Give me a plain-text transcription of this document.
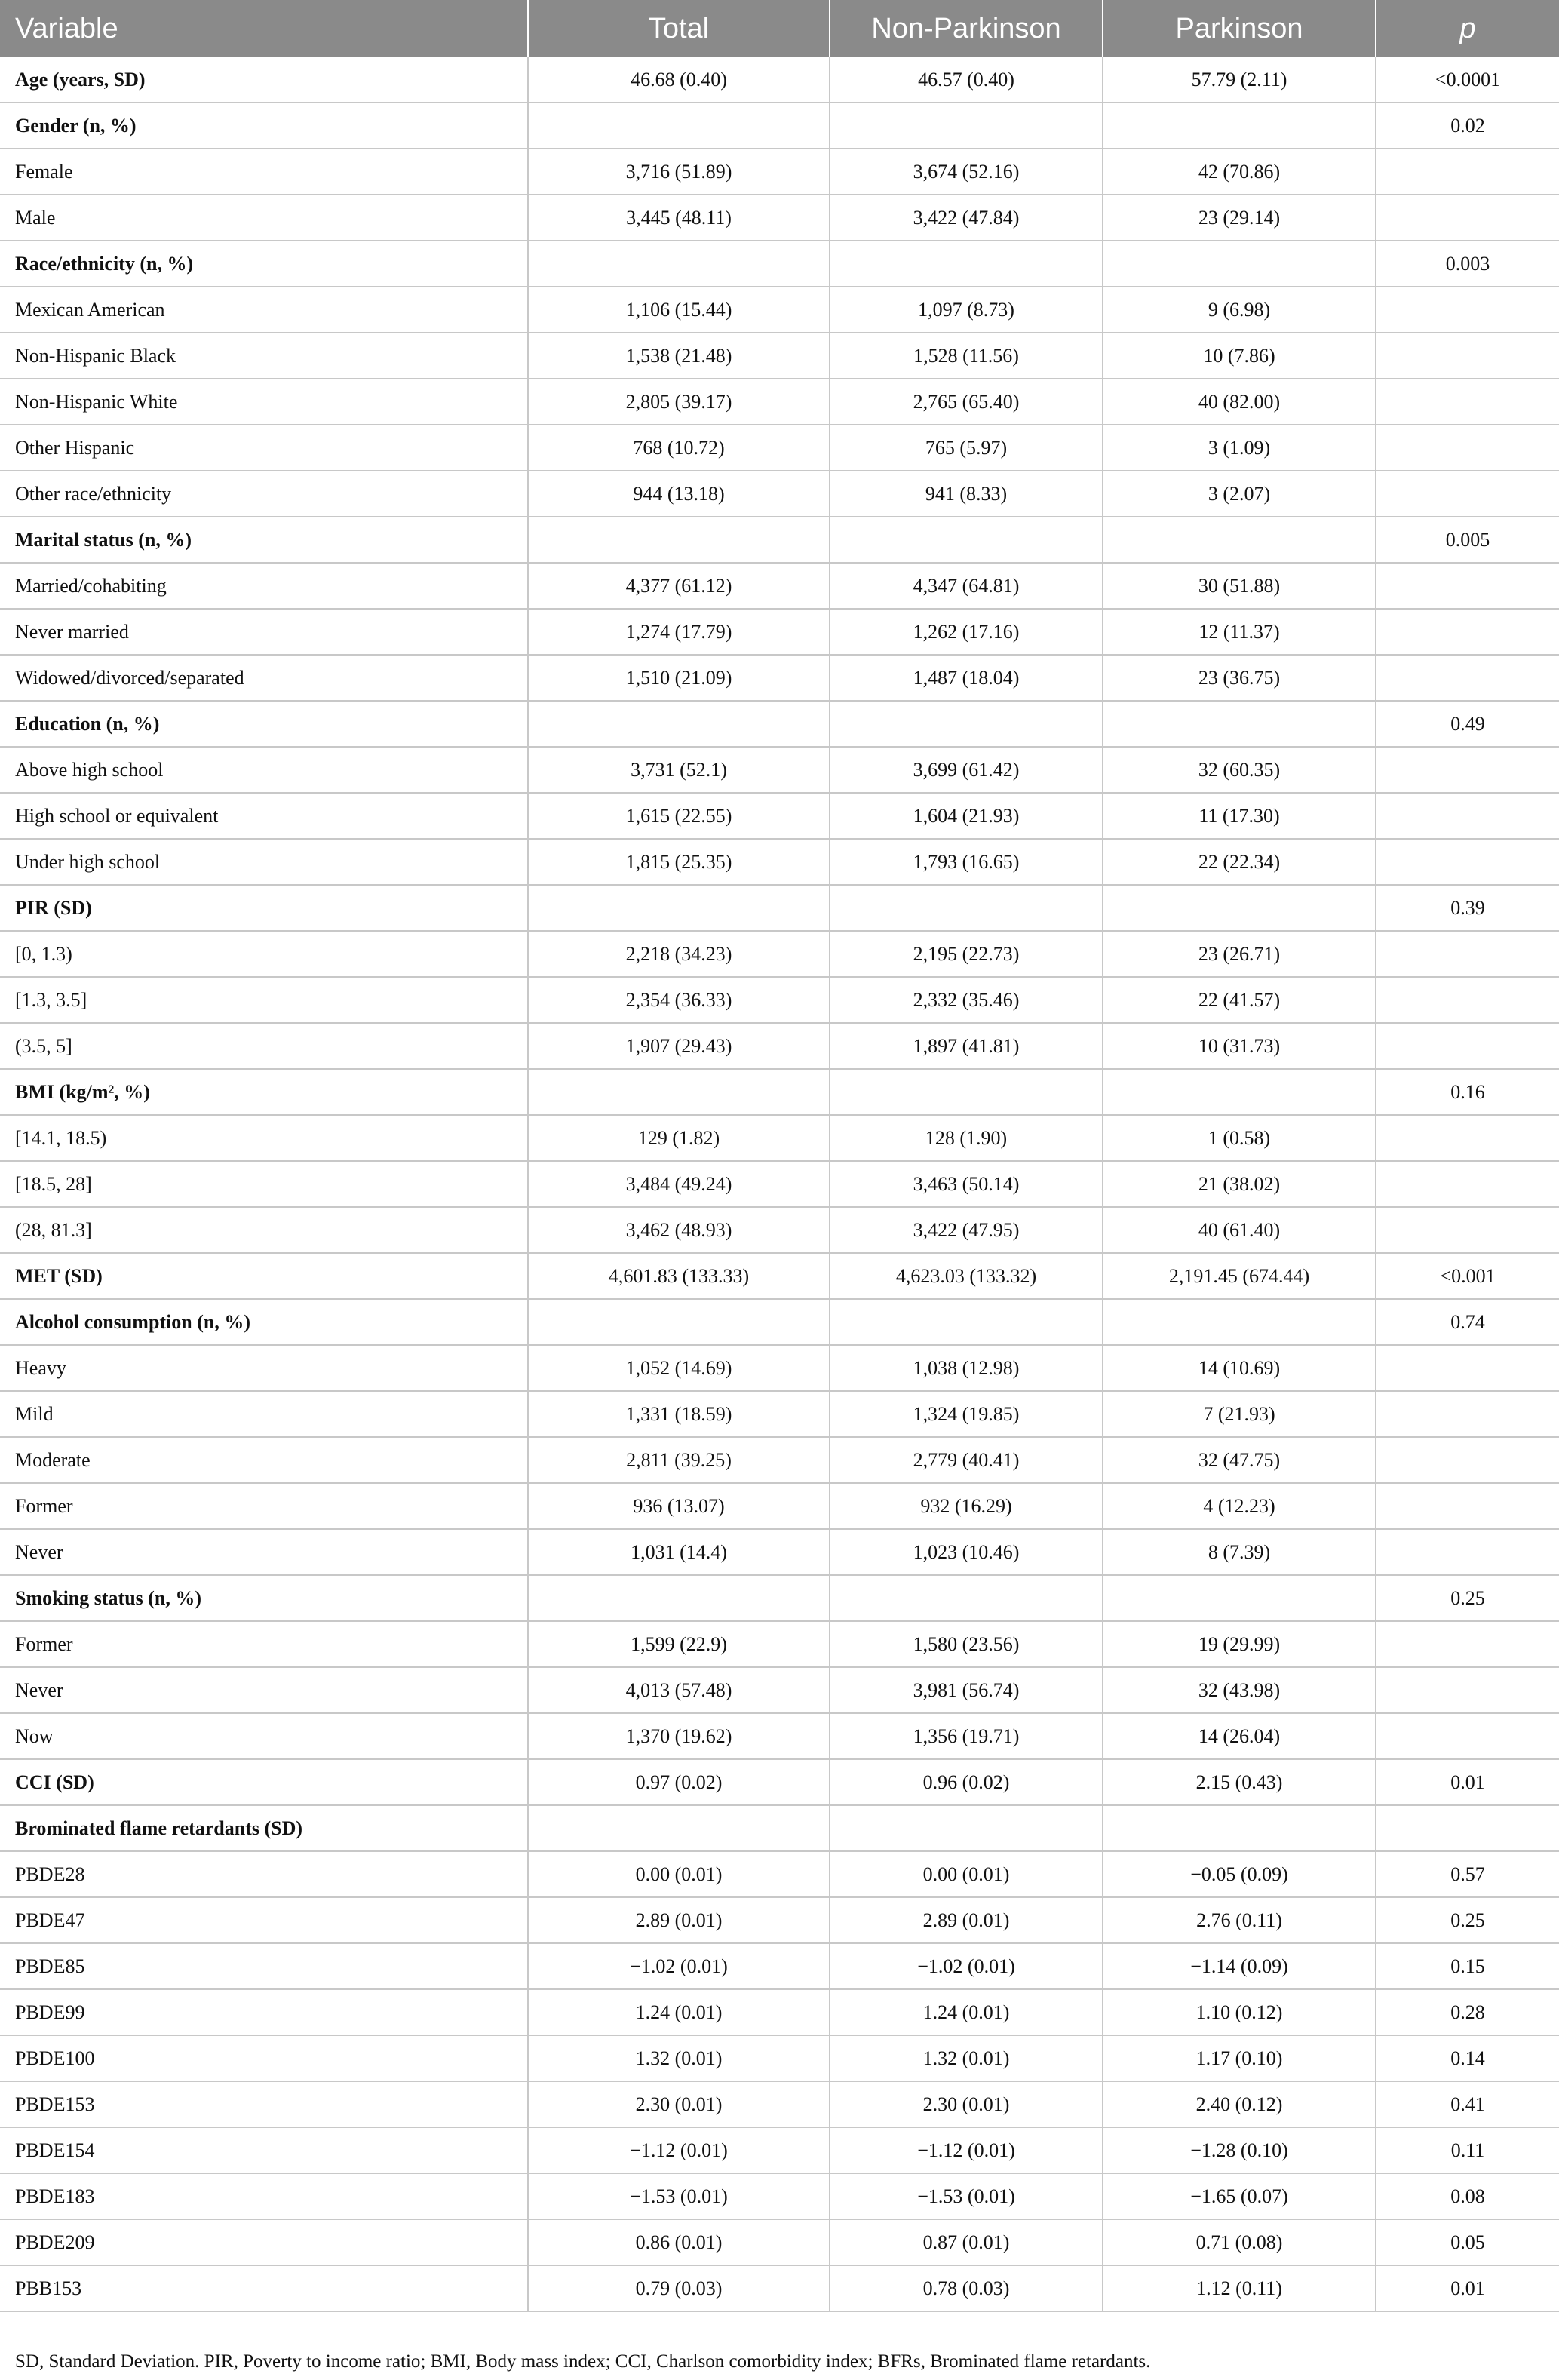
Variable	Total	Non-Parkinson	Parkinson	p
Age (years, SD)	46.68 (0.40)	46.57 (0.40)	57.79 (2.11)	<0.0001
Gender (n, %)				0.02
Female	3,716 (51.89)	3,674 (52.16)	42 (70.86)	
Male	3,445 (48.11)	3,422 (47.84)	23 (29.14)	
Race/ethnicity (n, %)				0.003
Mexican American	1,106 (15.44)	1,097 (8.73)	9 (6.98)	
Non-Hispanic Black	1,538 (21.48)	1,528 (11.56)	10 (7.86)	
Non-Hispanic White	2,805 (39.17)	2,765 (65.40)	40 (82.00)	
Other Hispanic	768 (10.72)	765 (5.97)	3 (1.09)	
Other race/ethnicity	944 (13.18)	941 (8.33)	3 (2.07)	
Marital status (n, %)				0.005
Married/cohabiting	4,377 (61.12)	4,347 (64.81)	30 (51.88)	
Never married	1,274 (17.79)	1,262 (17.16)	12 (11.37)	
Widowed/divorced/separated	1,510 (21.09)	1,487 (18.04)	23 (36.75)	
Education (n, %)				0.49
Above high school	3,731 (52.1)	3,699 (61.42)	32 (60.35)	
High school or equivalent	1,615 (22.55)	1,604 (21.93)	11 (17.30)	
Under high school	1,815 (25.35)	1,793 (16.65)	22 (22.34)	
PIR (SD)				0.39
[0, 1.3)	2,218 (34.23)	2,195 (22.73)	23 (26.71)	
[1.3, 3.5]	2,354 (36.33)	2,332 (35.46)	22 (41.57)	
(3.5, 5]	1,907 (29.43)	1,897 (41.81)	10 (31.73)	
BMI (kg/m², %)				0.16
[14.1, 18.5)	129 (1.82)	128 (1.90)	1 (0.58)	
[18.5, 28]	3,484 (49.24)	3,463 (50.14)	21 (38.02)	
(28, 81.3]	3,462 (48.93)	3,422 (47.95)	40 (61.40)	
MET (SD)	4,601.83 (133.33)	4,623.03 (133.32)	2,191.45 (674.44)	<0.001
Alcohol consumption (n, %)				0.74
Heavy	1,052 (14.69)	1,038 (12.98)	14 (10.69)	
Mild	1,331 (18.59)	1,324 (19.85)	7 (21.93)	
Moderate	2,811 (39.25)	2,779 (40.41)	32 (47.75)	
Former	936 (13.07)	932 (16.29)	4 (12.23)	
Never	1,031 (14.4)	1,023 (10.46)	8 (7.39)	
Smoking status (n, %)				0.25
Former	1,599 (22.9)	1,580 (23.56)	19 (29.99)	
Never	4,013 (57.48)	3,981 (56.74)	32 (43.98)	
Now	1,370 (19.62)	1,356 (19.71)	14 (26.04)	
CCI (SD)	0.97 (0.02)	0.96 (0.02)	2.15 (0.43)	0.01
Brominated flame retardants (SD)				
PBDE28	0.00 (0.01)	0.00 (0.01)	−0.05 (0.09)	0.57
PBDE47	2.89 (0.01)	2.89 (0.01)	2.76 (0.11)	0.25
PBDE85	−1.02 (0.01)	−1.02 (0.01)	−1.14 (0.09)	0.15
PBDE99	1.24 (0.01)	1.24 (0.01)	1.10 (0.12)	0.28
PBDE100	1.32 (0.01)	1.32 (0.01)	1.17 (0.10)	0.14
PBDE153	2.30 (0.01)	2.30 (0.01)	2.40 (0.12)	0.41
PBDE154	−1.12 (0.01)	−1.12 (0.01)	−1.28 (0.10)	0.11
PBDE183	−1.53 (0.01)	−1.53 (0.01)	−1.65 (0.07)	0.08
PBDE209	0.86 (0.01)	0.87 (0.01)	0.71 (0.08)	0.05
PBB153	0.79 (0.03)	0.78 (0.03)	1.12 (0.11)	0.01
SD, Standard Deviation. PIR, Poverty to income ratio; BMI, Body mass index; CCI, Charlson comorbidity index; BFRs, Brominated flame retardants.
